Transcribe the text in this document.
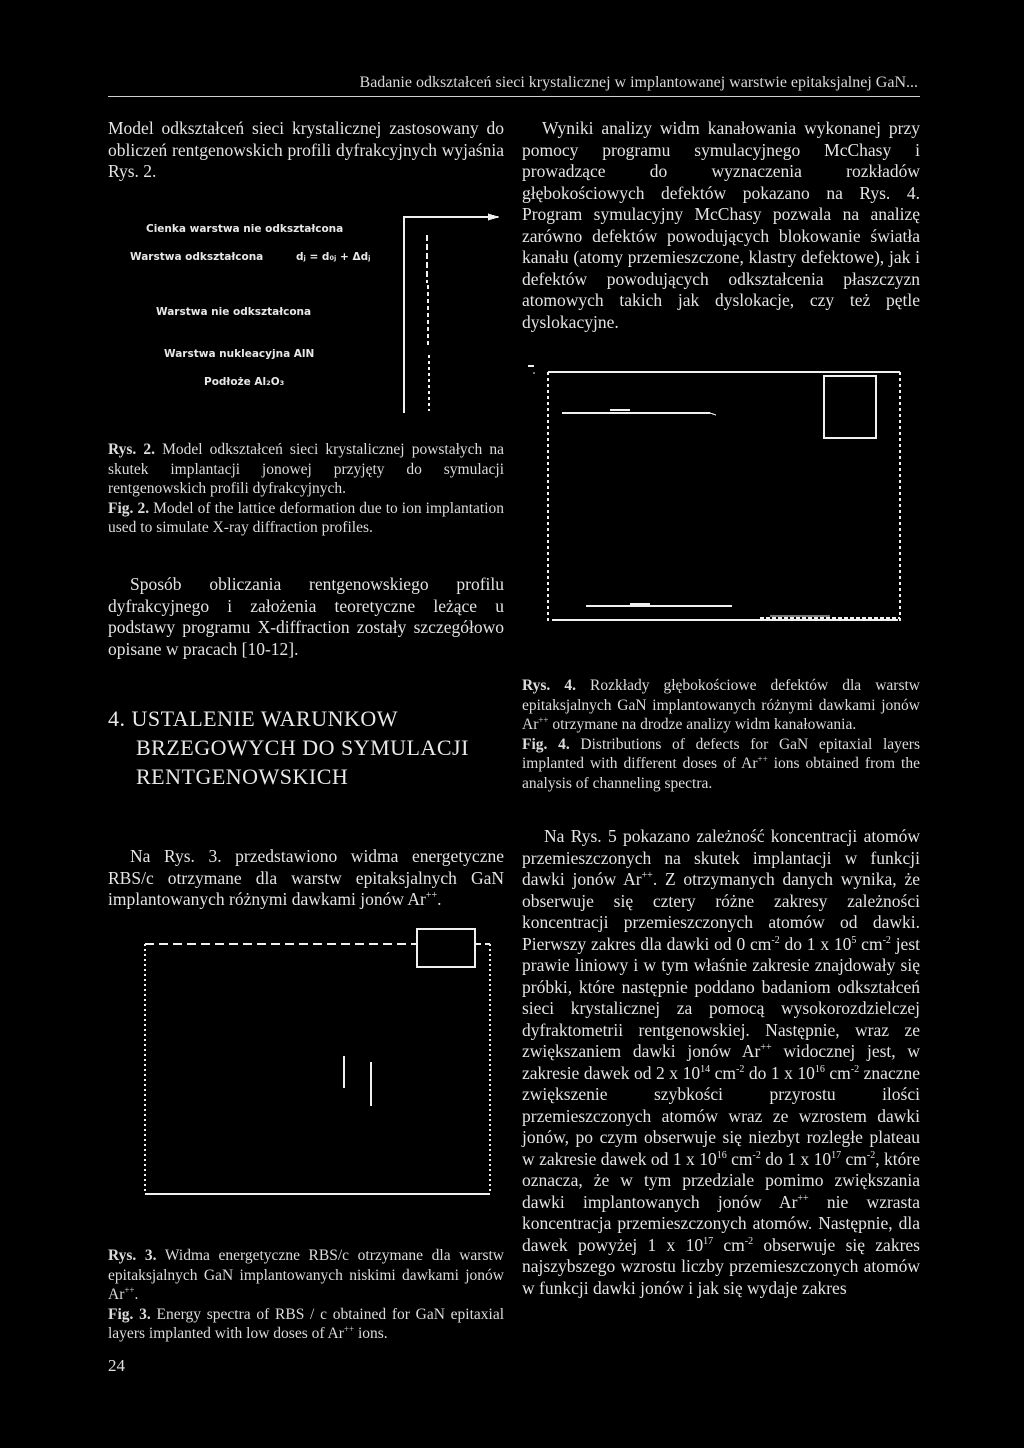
Badanie odkształceń sieci krystalicznej w implantowanej warstwie epitaksjalnej GaN...
Model odkształceń sieci krystalicznej zastosowany do obliczeń rentgenowskich profili dyfrakcyjnych wyjaśnia Rys. 2.
Cienka warstwa nie odkształcona
Warstwa odkształcona	dⱼ = d₀ⱼ + Δdⱼ
Warstwa nie odkształcona
Warstwa nukleacyjna AlN
Podłoże Al₂O₃
Rys. 2. Model odkształceń sieci krystalicznej powstałych na skutek implantacji jonowej przyjęty do symulacji rentgenowskich profili dyfrakcyjnych.
Fig. 2. Model of the lattice deformation due to ion implantation used to simulate X-ray diffraction profiles.
Sposób obliczania rentgenowskiego profilu dyfrakcyjnego i założenia teoretyczne leżące u podstawy programu X-diffraction zostały szczegółowo opisane w pracach [10-12].
4. USTALENIE WARUNKOW BRZEGOWYCH DO SYMULACJI RENTGENOWSKICH
Na Rys. 3. przedstawiono widma energetyczne RBS/c otrzymane dla warstw epitaksjalnych GaN implantowanych różnymi dawkami jonów Ar++.
Rys. 3. Widma energetyczne RBS/c otrzymane dla warstw epitaksjalnych GaN implantowanych niskimi dawkami jonów Ar++.
Fig. 3. Energy spectra of RBS / c obtained for GaN epitaxial layers implanted with low doses of Ar++ ions.
24
Wyniki analizy widm kanałowania wykonanej przy pomocy programu symulacyjnego McChasy i prowadzące do wyznaczenia rozkładów głębokościowych defektów pokazano na Rys. 4. Program symulacyjny McChasy pozwala na analizę zarówno defektów powodujących blokowanie światła kanału (atomy przemieszczone, klastry defektowe), jak i defektów powodujących odkształcenia płaszczyzn atomowych takich jak dyslokacje, czy też pętle dyslokacyjne.
Rys. 4. Rozkłady głębokościowe defektów dla warstw epitaksjalnych GaN implantowanych różnymi dawkami jonów Ar++ otrzymane na drodze analizy widm kanałowania.
Fig. 4. Distributions of defects for GaN epitaxial layers implanted with different doses of Ar++ ions obtained from the analysis of channeling spectra.
Na Rys. 5 pokazano zależność koncentracji atomów przemieszczonych na skutek implantacji w funkcji dawki jonów Ar++. Z otrzymanych danych wynika, że obserwuje się cztery różne zakresy zależności koncentracji przemieszczonych atomów od dawki. Pierwszy zakres dla dawki od 0 $cm^{-2}$ do 1 x $10^5$ $cm^{-2}$ jest prawie liniowy i w tym właśnie zakresie znajdowały się próbki, które następnie poddano badaniom odkształceń sieci krystalicznej za pomocą wysokorozdzielczej dyfraktometrii rentgenowskiej. Następnie, wraz ze zwiększaniem dawki jonów Ar++ widocznej jest, w zakresie dawek od 2 x $10^{14}$ $cm^{-2}$ do 1 x $10^{16}$ $cm^{-2}$ znaczne zwiększenie szybkości przyrostu ilości przemieszczonych atomów wraz ze wzrostem dawki jonów, po czym obserwuje się niezbyt rozległe plateau w zakresie dawek od 1 x $10^{16}$ $cm^{-2}$ do 1 x $10^{17}$ $cm^{-2}$, które oznacza, że w tym przedziale pomimo zwiększania dawki implantowanych jonów Ar++ nie wzrasta koncentracja przemieszczonych atomów. Następnie, dla dawek powyżej 1 x $10^{17}$ $cm^{-2}$ obserwuje się zakres najszybszego wzrostu liczby przemieszczonych atomów w funkcji dawki jonów i jak się wydaje zakres
